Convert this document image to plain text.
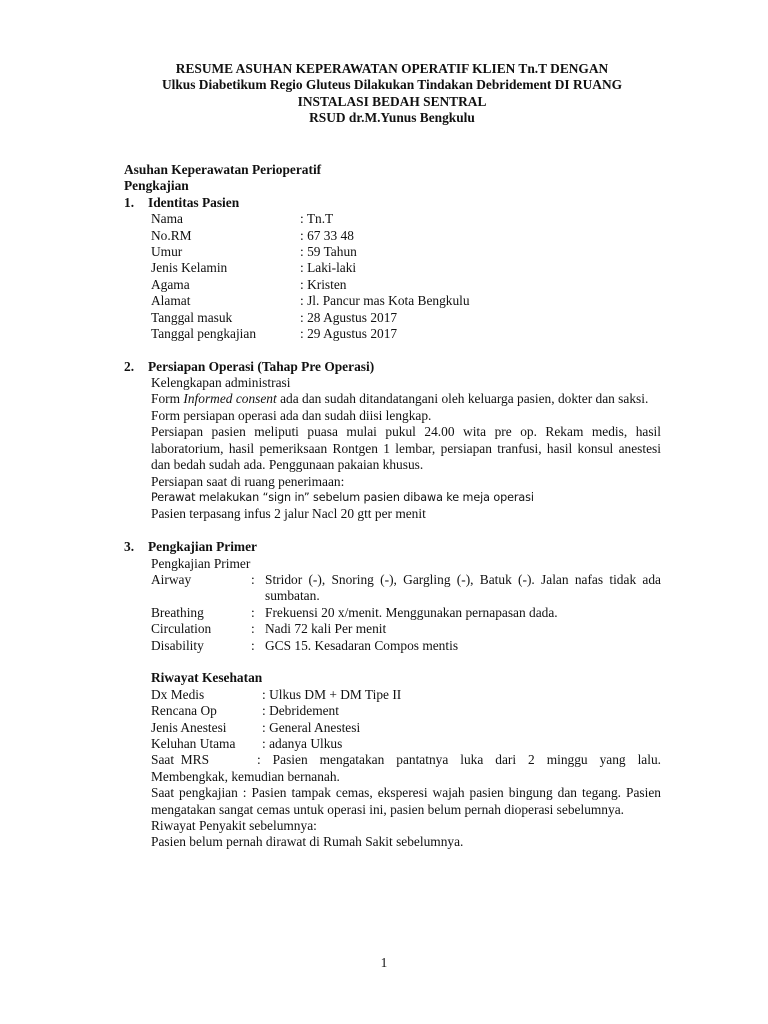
RESUME ASUHAN KEPERAWATAN OPERATIF KLIEN Tn.T DENGAN
Ulkus Diabetikum Regio Gluteus Dilakukan Tindakan Debridement DI RUANG
INSTALASI BEDAH SENTRAL
RSUD dr.M.Yunus Bengkulu
Asuhan Keperawatan Perioperatif
Pengkajian
1. Identitas Pasien
Nama	: Tn.T
No.RM	: 67 33 48
Umur	: 59 Tahun
Jenis Kelamin	: Laki-laki
Agama	: Kristen
Alamat	: Jl. Pancur mas Kota Bengkulu
Tanggal masuk	: 28 Agustus 2017
Tanggal pengkajian	: 29 Agustus 2017
2. Persiapan Operasi (Tahap Pre Operasi)
Kelengkapan administrasi
Form Informed consent ada dan sudah ditandatangani oleh keluarga pasien, dokter dan saksi.
Form persiapan operasi ada dan sudah diisi lengkap.
Persiapan pasien meliputi puasa mulai pukul 24.00 wita pre op. Rekam medis, hasil laboratorium, hasil pemeriksaan Rontgen 1 lembar, persiapan tranfusi, hasil konsul anestesi dan bedah sudah ada. Penggunaan pakaian khusus.
Persiapan saat di ruang penerimaan:
Perawat melakukan “sign in” sebelum pasien dibawa ke meja operasi
Pasien terpasang infus 2 jalur Nacl 20 gtt per menit
3. Pengkajian Primer
Pengkajian Primer
Airway	: Stridor (-), Snoring (-), Gargling (-), Batuk (-). Jalan nafas tidak ada sumbatan.
Breathing	: Frekuensi 20 x/menit. Menggunakan pernapasan dada.
Circulation	: Nadi 72 kali Per menit
Disability	: GCS 15. Kesadaran Compos mentis
Riwayat Kesehatan
Dx Medis	: Ulkus DM + DM Tipe II
Rencana Op	: Debridement
Jenis Anestesi	: General Anestesi
Keluhan Utama	: adanya Ulkus
Saat  MRS	: Pasien mengatakan pantatnya luka dari 2 minggu yang lalu. Membengkak, kemudian bernanah.
Saat pengkajian : Pasien tampak cemas, eksperesi wajah pasien bingung dan tegang. Pasien mengatakan sangat cemas untuk operasi ini, pasien belum pernah dioperasi sebelumnya.
Riwayat Penyakit sebelumnya:
Pasien belum pernah dirawat di Rumah Sakit sebelumnya.
1
